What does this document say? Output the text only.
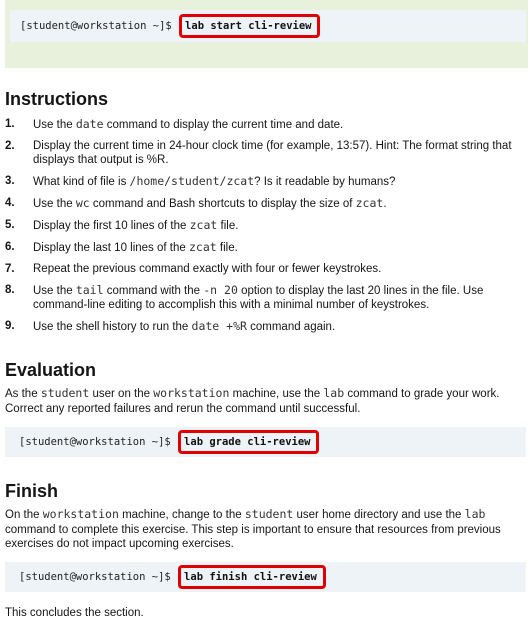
[student@workstation ~]$ lab start cli-review
Instructions
1. Use the date command to display the current time and date.
2. Display the current time in 24-hour clock time (for example, 13:57). Hint: The format string that displays that output is %R.
3. What kind of file is /home/student/zcat? Is it readable by humans?
4. Use the wc command and Bash shortcuts to display the size of zcat.
5. Display the first 10 lines of the zcat file.
6. Display the last 10 lines of the zcat file.
7. Repeat the previous command exactly with four or fewer keystrokes.
8. Use the tail command with the -n 20 option to display the last 20 lines in the file. Use command-line editing to accomplish this with a minimal number of keystrokes.
9. Use the shell history to run the date +%R command again.
Evaluation

As the student user on the workstation machine, use the lab command to grade your work. Correct any reported failures and rerun the command until successful.

[student@workstation ~]$ lab grade cli-review
Finish

On the workstation machine, change to the student user home directory and use the lab command to complete this exercise. This step is important to ensure that resources from previous exercises do not impact upcoming exercises.

[student@workstation ~]$ lab finish cli-review

This concludes the section.
